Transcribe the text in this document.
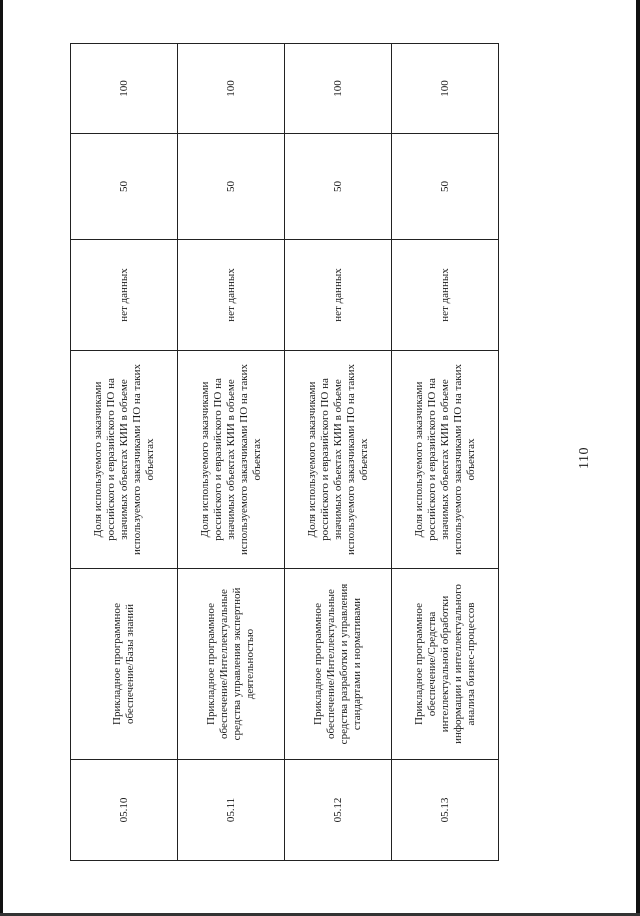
110
05.10	Прикладное программное обеспечение/Базы знаний	Доля используемого заказчиками российского и евразийского ПО на значимых объектах КИИ в объеме используемого заказчиками ПО на таких объектах	нет данных	50	100
05.11	Прикладное программное обеспечение/Интеллектуальные средства управления экспертной деятельностью	Доля используемого заказчиками российского и евразийского ПО на значимых объектах КИИ в объеме используемого заказчиками ПО на таких объектах	нет данных	50	100
05.12	Прикладное программное обеспечение/Интеллектуальные средства разработки и управления стандартами и нормативами	Доля используемого заказчиками российского и евразийского ПО на значимых объектах КИИ в объеме используемого заказчиками ПО на таких объектах	нет данных	50	100
05.13	Прикладное программное обеспечение/Средства интеллектуальной обработки информации и интеллектуального анализа бизнес-процессов	Доля используемого заказчиками российского и евразийского ПО на значимых объектах КИИ в объеме используемого заказчиками ПО на таких объектах	нет данных	50	100
